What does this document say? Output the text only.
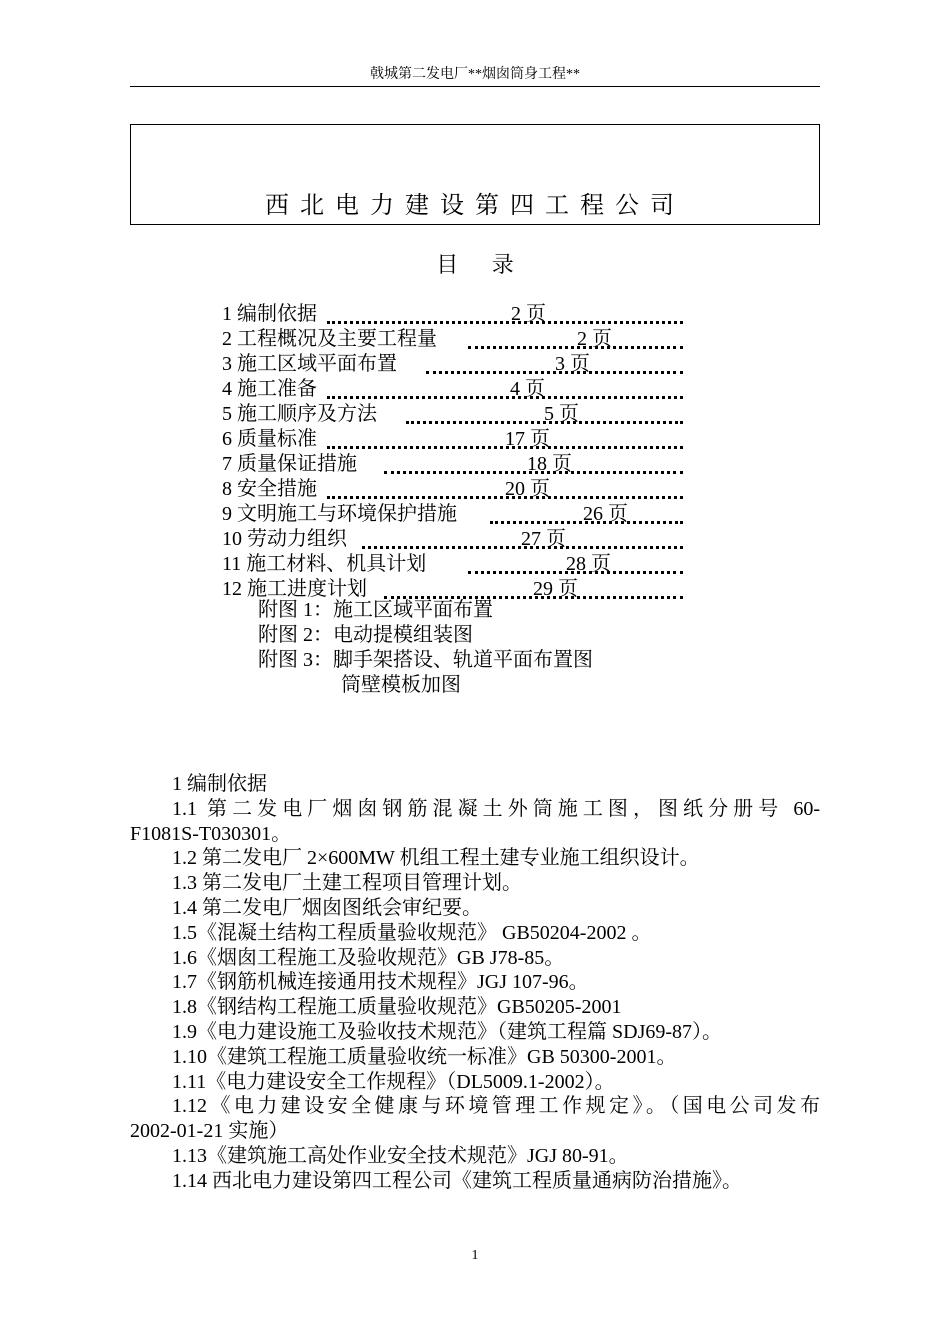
戟城第二发电厂**烟囱筒身工程**
西北电力建设第四工程公司
目 录
1 编制依据	2 页
2 工程概况及主要工程量	2 页
3 施工区域平面布置	3 页
4 施工准备	4 页
5 施工顺序及方法	5 页
6 质量标准	17 页
7 质量保证措施	18 页
8 安全措施	20 页
9 文明施工与环境保护措施	26 页
10 劳动力组织	27 页
11 施工材料、机具计划	28 页
12 施工进度计划	29 页
附图 1：施工区域平面布置
附图 2：电动提模组装图
附图 3：脚手架搭设、轨道平面布置图
筒壁模板加图

1 编制依据

1.1 第二发电厂烟囱钢筋混凝土外筒施工图，图纸分册号 60-

F1081S-T030301。

1.2 第二发电厂 2×600MW 机组工程土建专业施工组织设计。

1.3 第二发电厂土建工程项目管理计划。

1.4 第二发电厂烟囱图纸会审纪要。

1.5《混凝土结构工程质量验收规范》 GB50204-2002 。

1.6《烟囱工程施工及验收规范》GB J78-85。

1.7《钢筋机械连接通用技术规程》JGJ 107-96。

1.8《钢结构工程施工质量验收规范》GB50205-2001

1.9《电力建设施工及验收技术规范》（建筑工程篇 SDJ69-87）。

1.10《建筑工程施工质量验收统一标准》GB 50300-2001。

1.11《电力建设安全工作规程》（DL5009.1-2002）。

1.12《电力建设安全健康与环境管理工作规定》。（国电公司发布

2002-01-21 实施）

1.13《建筑施工高处作业安全技术规范》JGJ 80-91。

1.14 西北电力建设第四工程公司《建筑工程质量通病防治措施》。

1
